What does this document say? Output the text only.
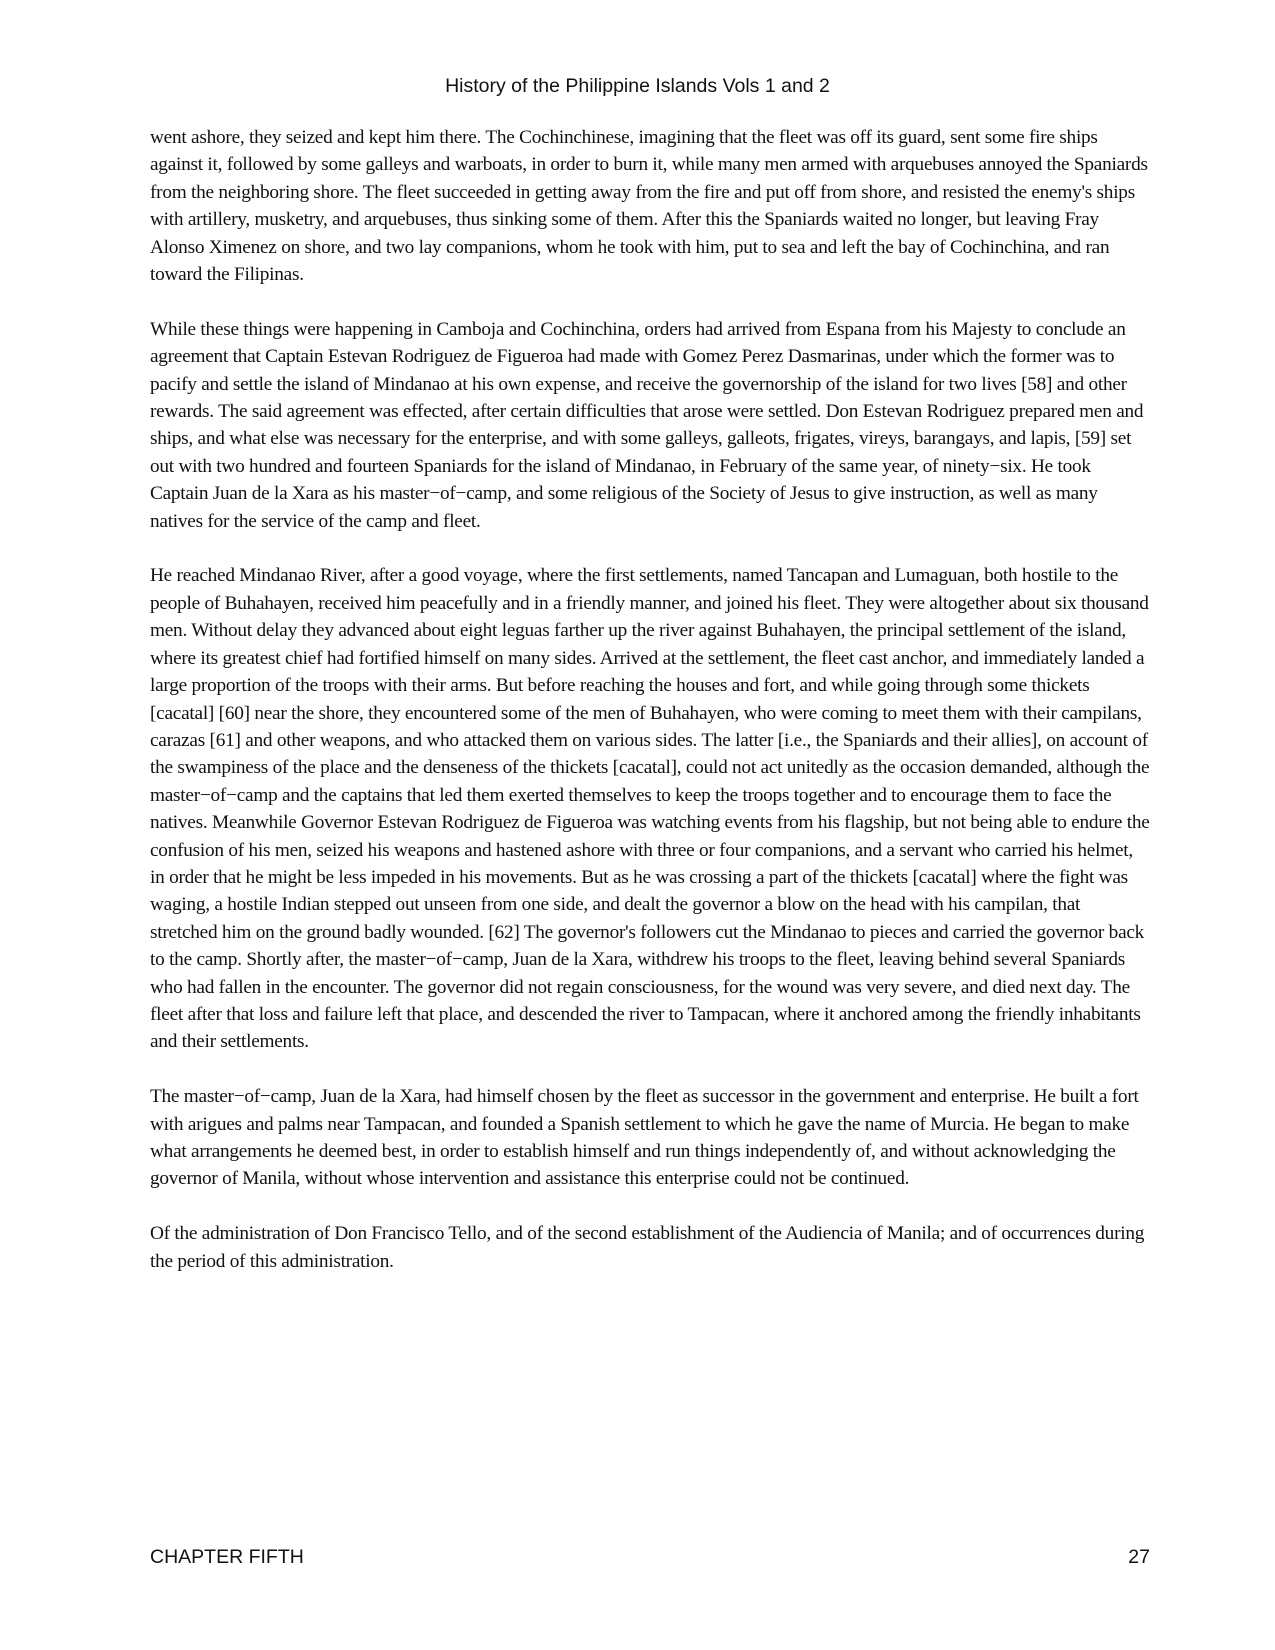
History of the Philippine Islands Vols 1 and 2

went ashore, they seized and kept him there. The Cochinchinese, imagining that the fleet was off its guard, sent some fire ships against it, followed by some galleys and warboats, in order to burn it, while many men armed with arquebuses annoyed the Spaniards from the neighboring shore. The fleet succeeded in getting away from the fire and put off from shore, and resisted the enemy's ships with artillery, musketry, and arquebuses, thus sinking some of them. After this the Spaniards waited no longer, but leaving Fray Alonso Ximenez on shore, and two lay companions, whom he took with him, put to sea and left the bay of Cochinchina, and ran toward the Filipinas.

While these things were happening in Camboja and Cochinchina, orders had arrived from Espana from his Majesty to conclude an agreement that Captain Estevan Rodriguez de Figueroa had made with Gomez Perez Dasmarinas, under which the former was to pacify and settle the island of Mindanao at his own expense, and receive the governorship of the island for two lives [58] and other rewards. The said agreement was effected, after certain difficulties that arose were settled. Don Estevan Rodriguez prepared men and ships, and what else was necessary for the enterprise, and with some galleys, galleots, frigates, vireys, barangays, and lapis, [59] set out with two hundred and fourteen Spaniards for the island of Mindanao, in February of the same year, of ninety−six. He took Captain Juan de la Xara as his master−of−camp, and some religious of the Society of Jesus to give instruction, as well as many natives for the service of the camp and fleet.

He reached Mindanao River, after a good voyage, where the first settlements, named Tancapan and Lumaguan, both hostile to the people of Buhahayen, received him peacefully and in a friendly manner, and joined his fleet. They were altogether about six thousand men. Without delay they advanced about eight leguas farther up the river against Buhahayen, the principal settlement of the island, where its greatest chief had fortified himself on many sides. Arrived at the settlement, the fleet cast anchor, and immediately landed a large proportion of the troops with their arms. But before reaching the houses and fort, and while going through some thickets [cacatal] [60] near the shore, they encountered some of the men of Buhahayen, who were coming to meet them with their campilans, carazas [61] and other weapons, and who attacked them on various sides. The latter [i.e., the Spaniards and their allies], on account of the swampiness of the place and the denseness of the thickets [cacatal], could not act unitedly as the occasion demanded, although the master−of−camp and the captains that led them exerted themselves to keep the troops together and to encourage them to face the natives. Meanwhile Governor Estevan Rodriguez de Figueroa was watching events from his flagship, but not being able to endure the confusion of his men, seized his weapons and hastened ashore with three or four companions, and a servant who carried his helmet, in order that he might be less impeded in his movements. But as he was crossing a part of the thickets [cacatal] where the fight was waging, a hostile Indian stepped out unseen from one side, and dealt the governor a blow on the head with his campilan, that stretched him on the ground badly wounded. [62] The governor's followers cut the Mindanao to pieces and carried the governor back to the camp. Shortly after, the master−of−camp, Juan de la Xara, withdrew his troops to the fleet, leaving behind several Spaniards who had fallen in the encounter. The governor did not regain consciousness, for the wound was very severe, and died next day. The fleet after that loss and failure left that place, and descended the river to Tampacan, where it anchored among the friendly inhabitants and their settlements.

The master−of−camp, Juan de la Xara, had himself chosen by the fleet as successor in the government and enterprise. He built a fort with arigues and palms near Tampacan, and founded a Spanish settlement to which he gave the name of Murcia. He began to make what arrangements he deemed best, in order to establish himself and run things independently of, and without acknowledging the governor of Manila, without whose intervention and assistance this enterprise could not be continued.

Of the administration of Don Francisco Tello, and of the second establishment of the Audiencia of Manila; and of occurrences during the period of this administration.

CHAPTER FIFTH	27
